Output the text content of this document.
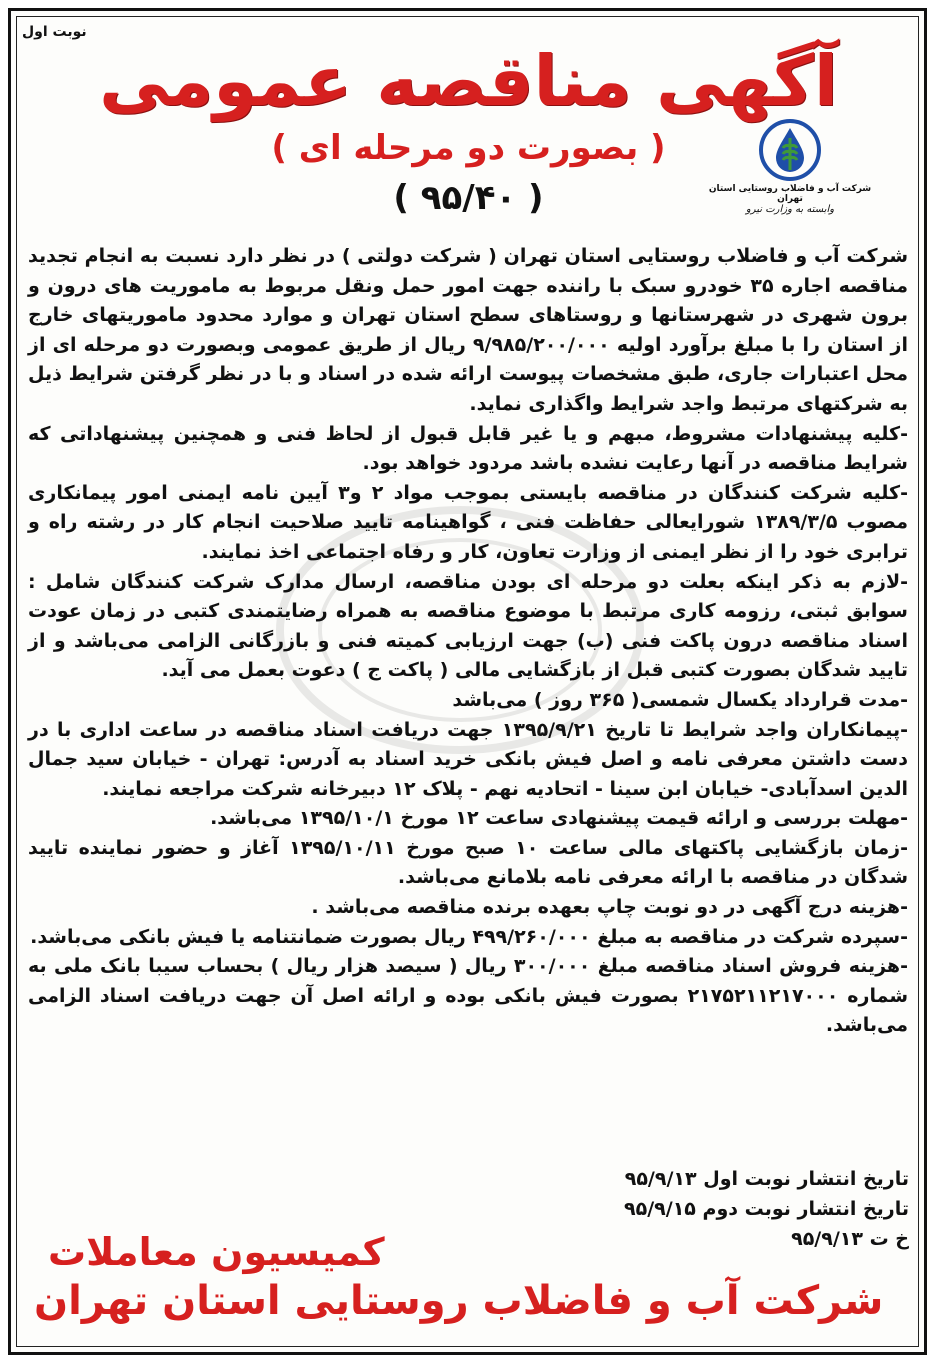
نوبت اول
آگهی مناقصه عمومی
( بصورت دو مرحله ای )
( ۹۵/۴۰ )	شرکت آب و فاضلاب روستایی استان تهران
وابسته به وزارت نیرو

شرکت آب و فاضلاب روستایی استان تهران ( شرکت دولتی ) در نظر دارد نسبت به انجام تجدید مناقصه اجاره ۳۵ خودرو سبک با راننده جهت امور حمل ونقل مربوط به ماموریت های درون و برون شهری در شهرستانها و روستاهای سطح استان تهران و موارد محدود ماموریتهای خارج از استان را با مبلغ برآورد اولیه ۹/۹۸۵/۲۰۰/۰۰۰ ریال از طریق عمومی وبصورت دو مرحله ای از محل اعتبارات جاری، طبق مشخصات پیوست ارائه شده در اسناد و با در نظر گرفتن شرایط ذیل به شرکتهای مرتبط واجد شرایط واگذاری نماید.

-کلیه پیشنهادات مشروط، مبهم و یا غیر قابل قبول از لحاظ فنی و همچنین پیشنهاداتی که شرایط مناقصه در آنها رعایت نشده باشد مردود خواهد بود.

-کلیه شرکت کنندگان در مناقصه بایستی بموجب مواد ۲ و۳ آیین نامه ایمنی امور پیمانکاری مصوب ۱۳۸۹/۳/۵ شورایعالی حفاظت فنی ، گواهینامه تایید صلاحیت انجام کار در رشته راه و ترابری خود را از نظر ایمنی از وزارت تعاون، کار و رفاه اجتماعی اخذ نمایند.

-لازم به ذکر اینکه بعلت دو مرحله ای بودن مناقصه، ارسال مدارک شرکت کنندگان شامل : سوابق ثبتی، رزومه کاری مرتبط با موضوع مناقصه به همراه رضایتمندی کتبی در زمان عودت اسناد مناقصه درون پاکت فنی (ب) جهت ارزیابی کمیته فنی و بازرگانی الزامی می‌باشد و از تایید شدگان بصورت کتبی قبل از بازگشایی مالی ( پاکت ج ) دعوت بعمل می آید.

-مدت قرارداد یکسال شمسی( ۳۶۵ روز ) می‌باشد

-پیمانکاران واجد شرایط تا تاریخ ۱۳۹۵/۹/۲۱ جهت دریافت اسناد مناقصه در ساعت اداری با در دست داشتن معرفی نامه و اصل فیش بانکی خرید اسناد به آدرس: تهران - خیابان سید جمال الدین اسدآبادی- خیابان ابن سینا - اتحادیه نهم - پلاک ۱۲ دبیرخانه شرکت مراجعه نمایند.

-مهلت بررسی و ارائه قیمت پیشنهادی ساعت ۱۲ مورخ ۱۳۹۵/۱۰/۱ می‌باشد.

-زمان بازگشایی پاکتهای مالی ساعت ۱۰ صبح مورخ ۱۳۹۵/۱۰/۱۱ آغاز و حضور نماینده تایید شدگان در مناقصه با ارائه معرفی نامه بلامانع می‌باشد.

-هزینه درج آگهی در دو نوبت چاپ بعهده برنده مناقصه می‌باشد .

-سپرده شرکت در مناقصه به مبلغ ۴۹۹/۲۶۰/۰۰۰ ریال بصورت ضمانتنامه یا فیش بانکی می‌باشد.

-هزینه فروش اسناد مناقصه مبلغ ۳۰۰/۰۰۰ ریال ( سیصد هزار ریال ) بحساب سیبا بانک ملی به شماره ۲۱۷۵۲۱۱۲۱۷۰۰۰ بصورت فیش بانکی بوده و ارائه اصل آن جهت دریافت اسناد الزامی می‌باشد.

تاریخ انتشار نوبت اول ۹۵/۹/۱۳

تاریخ انتشار نوبت دوم ۹۵/۹/۱۵

خ ت ۹۵/۹/۱۳

کمیسیون معاملات
شرکت آب و فاضلاب روستایی استان تهران
